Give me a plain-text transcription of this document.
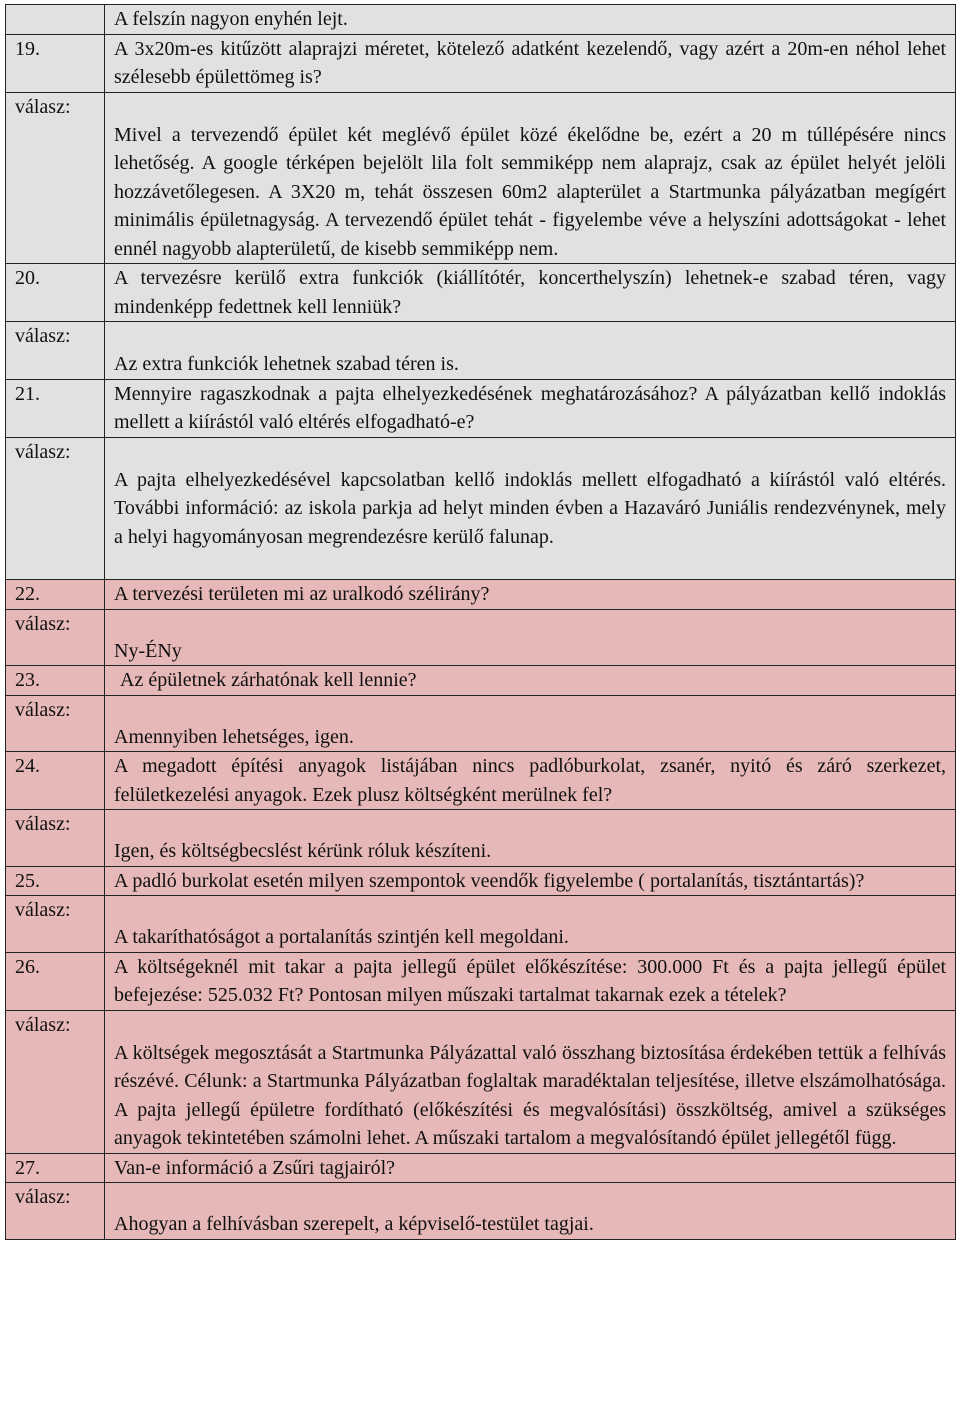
	A felszín nagyon enyhén lejt.
19.	A 3x20m-es kitűzött alaprajzi méretet, kötelező adatként kezelendő, vagy azért a 20m-en néhol lehet szélesebb épülettömeg is?
válasz:	Mivel a tervezendő épület két meglévő épület közé ékelődne be, ezért a 20 m túllépésére nincs lehetőség. A google térképen bejelölt lila folt semmiképp nem alaprajz, csak az épület helyét jelöli hozzávetőlegesen. A 3X20 m, tehát összesen 60m2 alapterület a Startmunka pályázatban megígért minimális épületnagyság. A tervezendő épület tehát - figyelembe véve a helyszíni adottságokat - lehet ennél nagyobb alapterületű, de kisebb semmiképp nem.

20.	A tervezésre kerülő extra funkciók (kiállítótér, koncerthelyszín) lehetnek-e szabad téren, vagy mindenképp fedettnek kell lenniük?
válasz:	Az extra funkciók lehetnek szabad téren is.

21.	Mennyire ragaszkodnak a pajta elhelyezkedésének meghatározásához? A pályázatban kellő indoklás mellett a kiírástól való eltérés elfogadható-e?
válasz:	A pajta elhelyezkedésével kapcsolatban kellő indoklás mellett elfogadható a kiírástól való eltérés. További információ: az iskola parkja ad helyt minden évben a Hazaváró Juniális rendezvénynek, mely a helyi hagyományosan megrendezésre kerülő falunap.

22.	A tervezési területen mi az uralkodó szélirány?
válasz:	Ny-ÉNy

23.	Az épületnek zárhatónak kell lennie?
válasz:	Amennyiben lehetséges, igen.

24.	A megadott építési anyagok listájában nincs padlóburkolat, zsanér, nyitó és záró szerkezet, felületkezelési anyagok. Ezek plusz költségként merülnek fel?
válasz:	Igen, és költségbecslést kérünk róluk készíteni.

25.	A padló burkolat esetén milyen szempontok veendők figyelembe ( portalanítás, tisztántartás)?
válasz:	A takaríthatóságot a portalanítás szintjén kell megoldani.

26.	A költségeknél mit takar a pajta jellegű épület előkészítése: 300.000 Ft és a pajta jellegű épület befejezése: 525.032 Ft? Pontosan milyen műszaki tartalmat takarnak ezek a tételek?
válasz:	A költségek megosztását a Startmunka Pályázattal való összhang biztosítása érdekében tettük a felhívás részévé. Célunk: a Startmunka Pályázatban foglaltak maradéktalan teljesítése, illetve elszámolhatósága. A pajta jellegű épületre fordítható (előkészítési és megvalósítási) összköltség, amivel a szükséges anyagok tekintetében számolni lehet. A műszaki tartalom a megvalósítandó épület jellegétől függ.

27.	Van-e információ a Zsűri tagjairól?
válasz:	Ahogyan a felhívásban szerepelt, a képviselő-testület tagjai.
